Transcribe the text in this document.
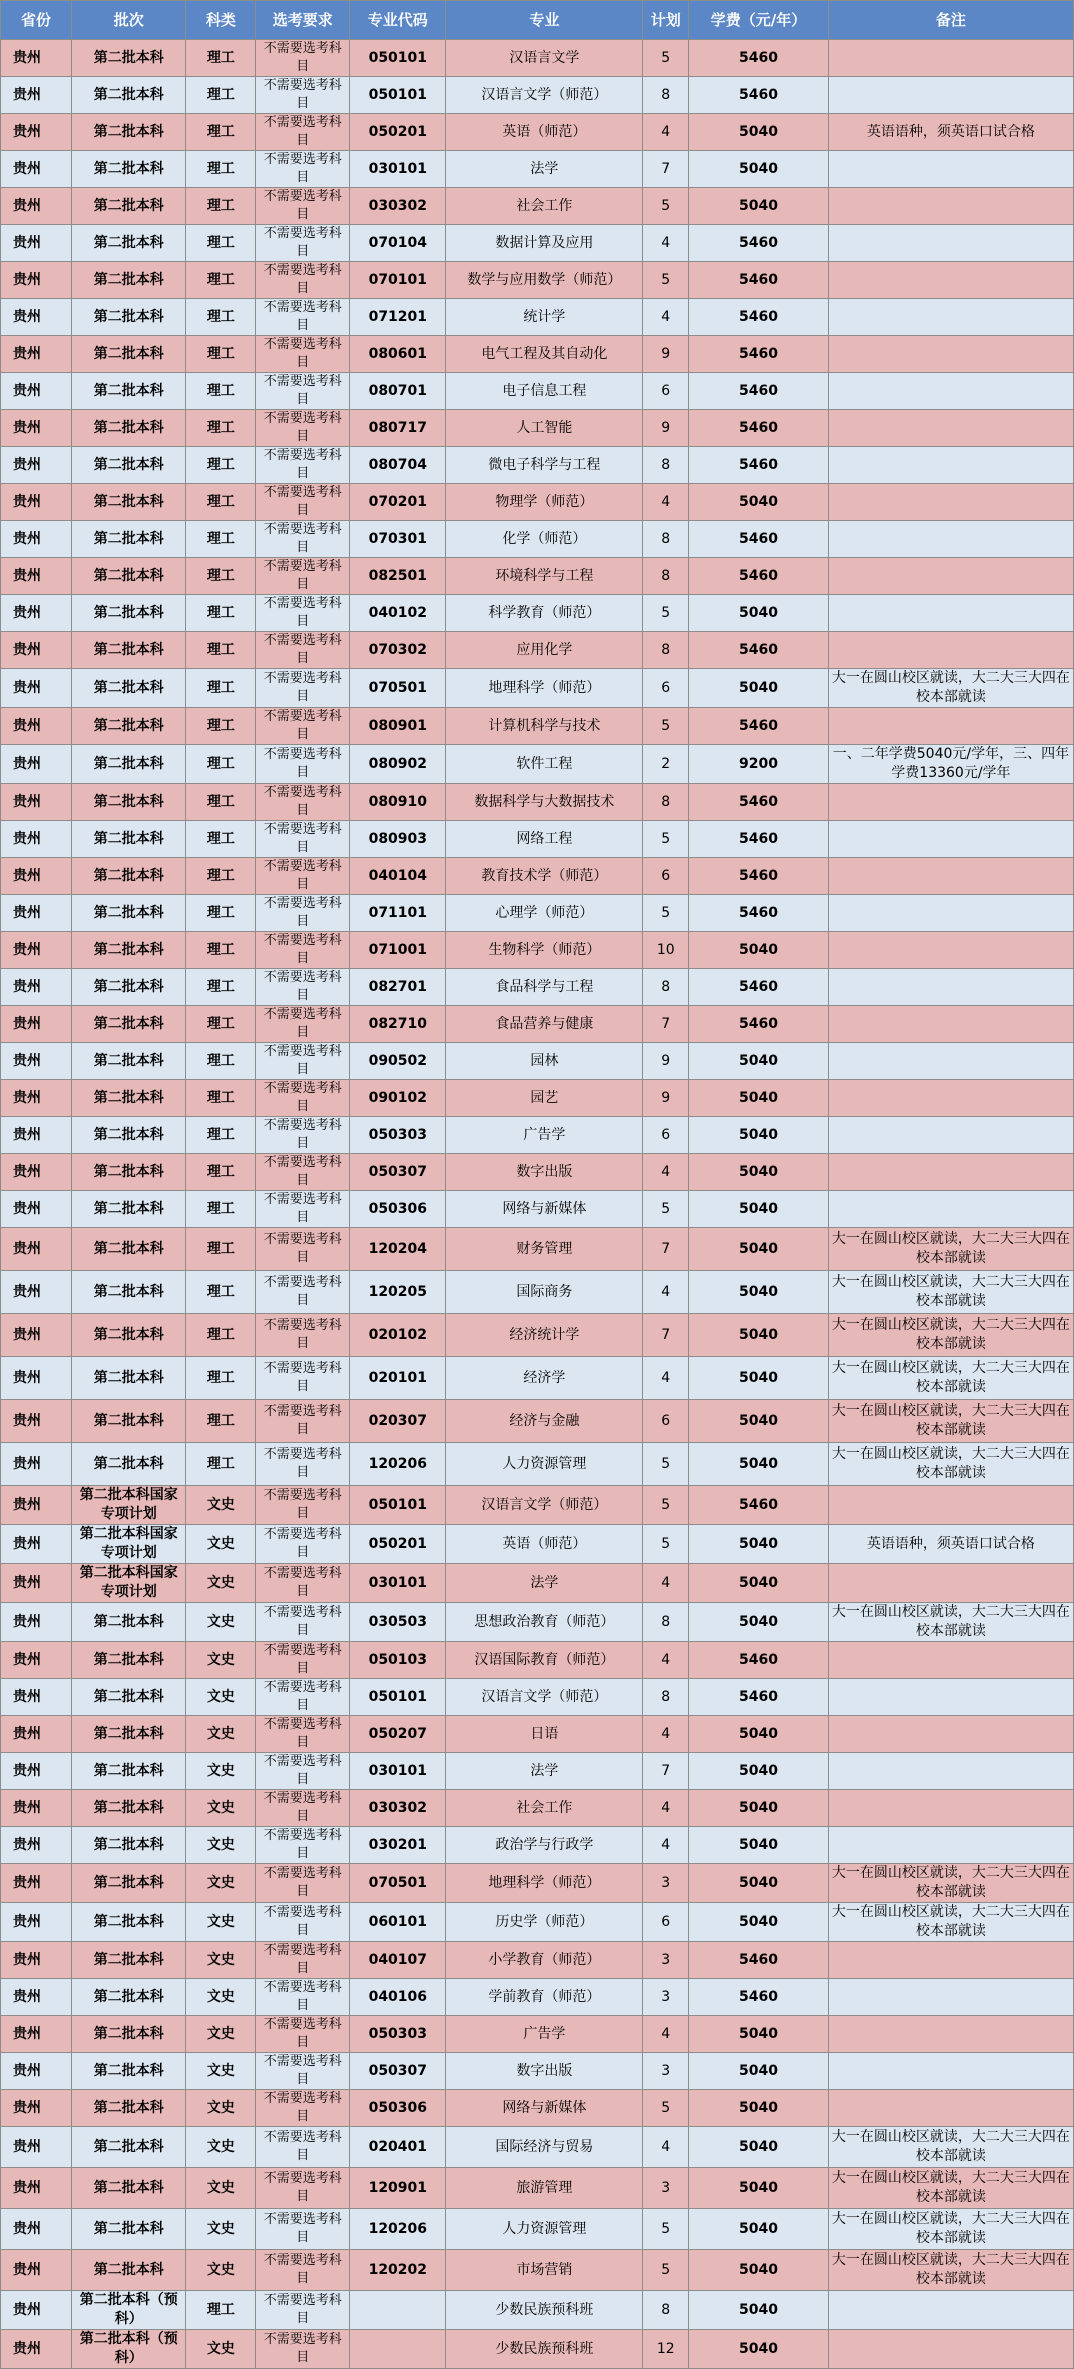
省份	批次	科类	选考要求	专业代码	专业	计划	学费（元/年）	备注
贵州	第二批本科	理工	不需要选考科目	050101	汉语言文学	5	5460	
贵州	第二批本科	理工	不需要选考科目	050101	汉语言文学（师范）	8	5460	
贵州	第二批本科	理工	不需要选考科目	050201	英语（师范）	4	5040	英语语种，须英语口试合格
贵州	第二批本科	理工	不需要选考科目	030101	法学	7	5040	
贵州	第二批本科	理工	不需要选考科目	030302	社会工作	5	5040	
贵州	第二批本科	理工	不需要选考科目	070104	数据计算及应用	4	5460	
贵州	第二批本科	理工	不需要选考科目	070101	数学与应用数学（师范）	5	5460	
贵州	第二批本科	理工	不需要选考科目	071201	统计学	4	5460	
贵州	第二批本科	理工	不需要选考科目	080601	电气工程及其自动化	9	5460	
贵州	第二批本科	理工	不需要选考科目	080701	电子信息工程	6	5460	
贵州	第二批本科	理工	不需要选考科目	080717	人工智能	9	5460	
贵州	第二批本科	理工	不需要选考科目	080704	微电子科学与工程	8	5460	
贵州	第二批本科	理工	不需要选考科目	070201	物理学（师范）	4	5040	
贵州	第二批本科	理工	不需要选考科目	070301	化学（师范）	8	5460	
贵州	第二批本科	理工	不需要选考科目	082501	环境科学与工程	8	5460	
贵州	第二批本科	理工	不需要选考科目	040102	科学教育（师范）	5	5040	
贵州	第二批本科	理工	不需要选考科目	070302	应用化学	8	5460	
贵州	第二批本科	理工	不需要选考科目	070501	地理科学（师范）	6	5040	大一在圆山校区就读，大二大三大四在校本部就读
贵州	第二批本科	理工	不需要选考科目	080901	计算机科学与技术	5	5460	
贵州	第二批本科	理工	不需要选考科目	080902	软件工程	2	9200	一、二年学费5040元/学年，三、四年学费13360元/学年
贵州	第二批本科	理工	不需要选考科目	080910	数据科学与大数据技术	8	5460	
贵州	第二批本科	理工	不需要选考科目	080903	网络工程	5	5460	
贵州	第二批本科	理工	不需要选考科目	040104	教育技术学（师范）	6	5460	
贵州	第二批本科	理工	不需要选考科目	071101	心理学（师范）	5	5460	
贵州	第二批本科	理工	不需要选考科目	071001	生物科学（师范）	10	5040	
贵州	第二批本科	理工	不需要选考科目	082701	食品科学与工程	8	5460	
贵州	第二批本科	理工	不需要选考科目	082710	食品营养与健康	7	5460	
贵州	第二批本科	理工	不需要选考科目	090502	园林	9	5040	
贵州	第二批本科	理工	不需要选考科目	090102	园艺	9	5040	
贵州	第二批本科	理工	不需要选考科目	050303	广告学	6	5040	
贵州	第二批本科	理工	不需要选考科目	050307	数字出版	4	5040	
贵州	第二批本科	理工	不需要选考科目	050306	网络与新媒体	5	5040	
贵州	第二批本科	理工	不需要选考科目	120204	财务管理	7	5040	大一在圆山校区就读，大二大三大四在校本部就读
贵州	第二批本科	理工	不需要选考科目	120205	国际商务	4	5040	大一在圆山校区就读，大二大三大四在校本部就读
贵州	第二批本科	理工	不需要选考科目	020102	经济统计学	7	5040	大一在圆山校区就读，大二大三大四在校本部就读
贵州	第二批本科	理工	不需要选考科目	020101	经济学	4	5040	大一在圆山校区就读，大二大三大四在校本部就读
贵州	第二批本科	理工	不需要选考科目	020307	经济与金融	6	5040	大一在圆山校区就读，大二大三大四在校本部就读
贵州	第二批本科	理工	不需要选考科目	120206	人力资源管理	5	5040	大一在圆山校区就读，大二大三大四在校本部就读
贵州	第二批本科国家专项计划	文史	不需要选考科目	050101	汉语言文学（师范）	5	5460	
贵州	第二批本科国家专项计划	文史	不需要选考科目	050201	英语（师范）	5	5040	英语语种，须英语口试合格
贵州	第二批本科国家专项计划	文史	不需要选考科目	030101	法学	4	5040	
贵州	第二批本科	文史	不需要选考科目	030503	思想政治教育（师范）	8	5040	大一在圆山校区就读，大二大三大四在校本部就读
贵州	第二批本科	文史	不需要选考科目	050103	汉语国际教育（师范）	4	5460	
贵州	第二批本科	文史	不需要选考科目	050101	汉语言文学（师范）	8	5460	
贵州	第二批本科	文史	不需要选考科目	050207	日语	4	5040	
贵州	第二批本科	文史	不需要选考科目	030101	法学	7	5040	
贵州	第二批本科	文史	不需要选考科目	030302	社会工作	4	5040	
贵州	第二批本科	文史	不需要选考科目	030201	政治学与行政学	4	5040	
贵州	第二批本科	文史	不需要选考科目	070501	地理科学（师范）	3	5040	大一在圆山校区就读，大二大三大四在校本部就读
贵州	第二批本科	文史	不需要选考科目	060101	历史学（师范）	6	5040	大一在圆山校区就读，大二大三大四在校本部就读
贵州	第二批本科	文史	不需要选考科目	040107	小学教育（师范）	3	5460	
贵州	第二批本科	文史	不需要选考科目	040106	学前教育（师范）	3	5460	
贵州	第二批本科	文史	不需要选考科目	050303	广告学	4	5040	
贵州	第二批本科	文史	不需要选考科目	050307	数字出版	3	5040	
贵州	第二批本科	文史	不需要选考科目	050306	网络与新媒体	5	5040	
贵州	第二批本科	文史	不需要选考科目	020401	国际经济与贸易	4	5040	大一在圆山校区就读，大二大三大四在校本部就读
贵州	第二批本科	文史	不需要选考科目	120901	旅游管理	3	5040	大一在圆山校区就读，大二大三大四在校本部就读
贵州	第二批本科	文史	不需要选考科目	120206	人力资源管理	5	5040	大一在圆山校区就读，大二大三大四在校本部就读
贵州	第二批本科	文史	不需要选考科目	120202	市场营销	5	5040	大一在圆山校区就读，大二大三大四在校本部就读
贵州	第二批本科（预科）	理工	不需要选考科目		少数民族预科班	8	5040	
贵州	第二批本科（预科）	文史	不需要选考科目		少数民族预科班	12	5040	
